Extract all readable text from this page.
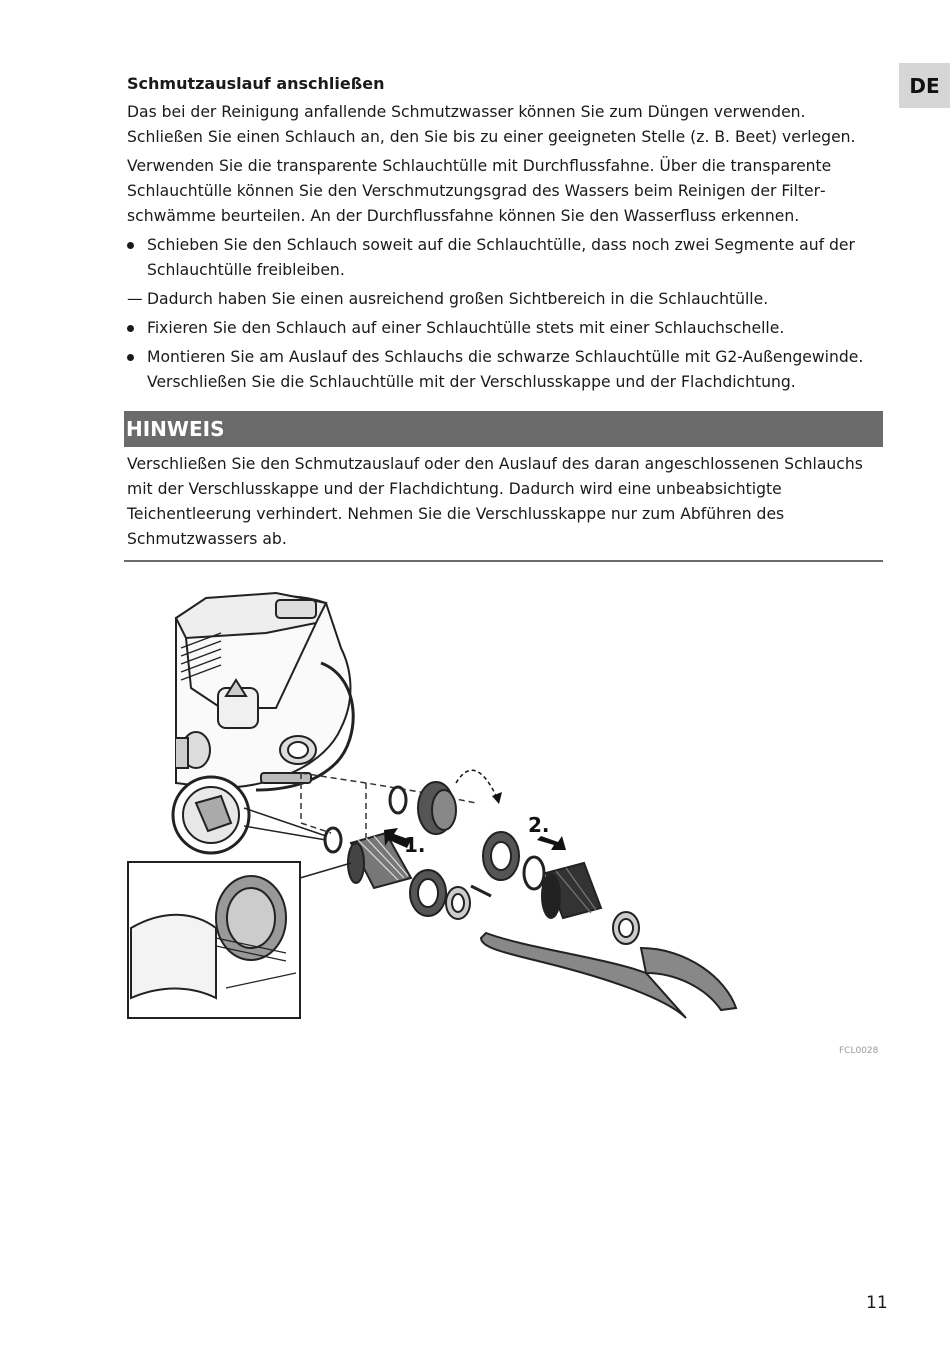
DE
Schmutzauslauf anschließen

Das bei der Reinigung anfallende Schmutzwasser können Sie zum Düngen verwenden. Schließen Sie einen Schlauch an, den Sie bis zu einer geeigneten Stelle (z. B. Beet) verlegen.

Verwenden Sie die transparente Schlauchtülle mit Durchflussfahne. Über die transparente Schlauchtülle können Sie den Verschmutzungsgrad des Wassers beim Reinigen der Filterschwämme beurteilen. An der Durchflussfahne können Sie den Wasserfluss erkennen.

Schieben Sie den Schlauch soweit auf die Schlauchtülle, dass noch zwei Segmente auf der Schlauchtülle freibleiben.
— Dadurch haben Sie einen ausreichend großen Sichtbereich in die Schlauchtülle.
Fixieren Sie den Schlauch auf einer Schlauchtülle stets mit einer Schlauchschelle.
Montieren Sie am Auslauf des Schlauchs die schwarze Schlauchtülle mit G2-Außengewinde. Verschließen Sie die Schlauchtülle mit der Verschlusskappe und der Flachdichtung.
HINWEIS

Verschließen Sie den Schmutzauslauf oder den Auslauf des daran angeschlossenen Schlauchs mit der Verschlusskappe und der Flachdichtung. Dadurch wird eine unbeabsichtigte Teichentleerung verhindert. Nehmen Sie die Verschlusskappe nur zum Abführen des Schmutzwassers ab.

1.
2.
FCL0028
11
